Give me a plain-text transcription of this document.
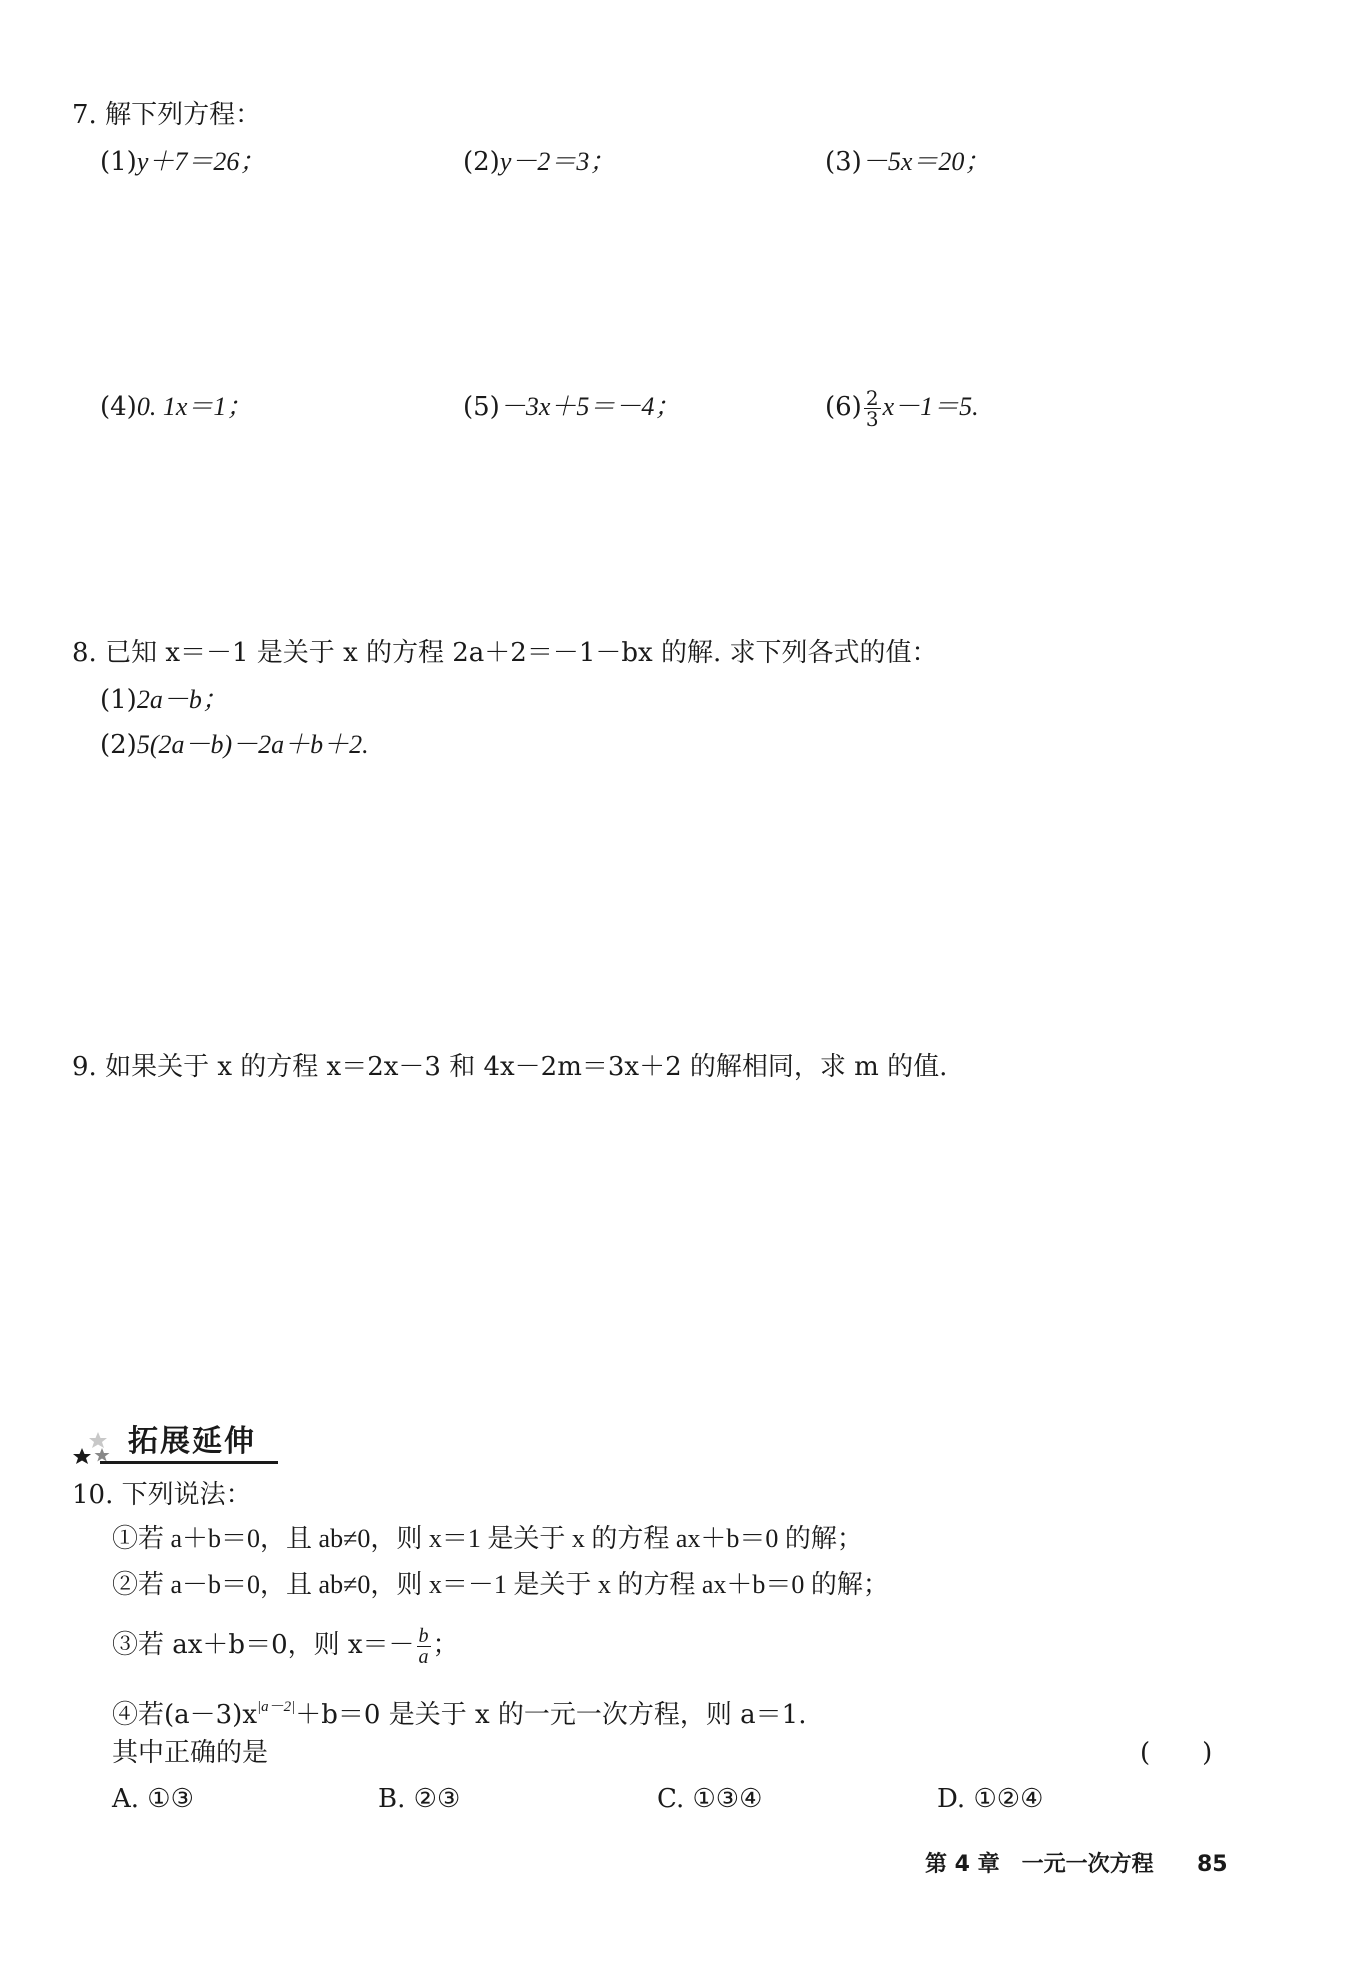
7. 解下列方程：
(1)y＋7＝26；	(2)y－2＝3；	(3)－5x＝20；
(4)0. 1x＝1；	(5)－3x＋5＝－4；	$(6) \frac{2}{3} x-1=5$.
8. 已知 x＝－1 是关于 x 的方程 2a＋2＝－1－bx 的解. 求下列各式的值：
(1)2a－b；
(2)5(2a－b)－2a＋b＋2.
9. 如果关于 x 的方程 x＝2x－3 和 4x－2m＝3x＋2 的解相同，求 m 的值.
拓展延伸
10. 下列说法：
①若 a＋b＝0，且 ab≠0，则 x＝1 是关于 x 的方程 ax＋b＝0 的解；
②若 a－b＝0，且 ab≠0，则 x＝－1 是关于 x 的方程 ax＋b＝0 的解；
③若 ax＋b＝0，则 $x=- \frac{b}{a}$ ；
④若$(a-3)x^{|a-2|}+b=0$ 是关于 x 的一元一次方程，则 a＝1.
其中正确的是	(　　)
A. ①③	B. ②③	C. ①③④	D. ①②④
第 4 章　一元一次方程 85
